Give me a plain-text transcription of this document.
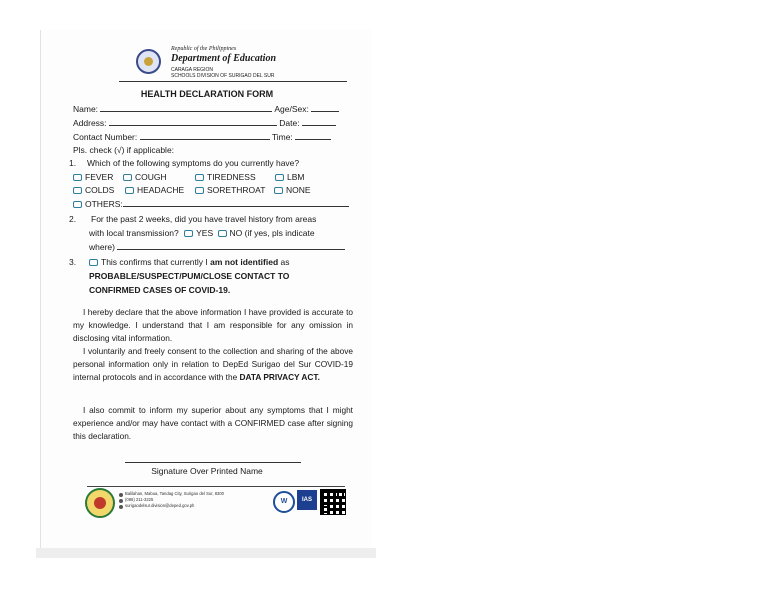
Republic of the Philippines
Department of Education
CARAGA REGION
SCHOOLS DIVISION OF SURIGAO DEL SUR
HEALTH DECLARATION FORM
Name:	Age/Sex:
Address:	Date:
Contact Number:	Time:
Pls. check (√) if applicable:
1. Which of the following symptoms do you currently have?
FEVER	COUGH	TIREDNESS	LBM
COLDS	HEADACHE	SORETHROAT	NONE
OTHERS:
2. For the past 2 weeks, did you have travel history from areas
with local transmission? YES NO (if yes, pls indicate
where)
3.	This confirms that currently I am not identified as
PROBABLE/SUSPECT/PUM/CLOSE CONTACT TO
CONFIRMED CASES OF COVID-19.
I hereby declare that the above information I have provided is accurate to my knowledge. I understand that I am responsible for any omission in disclosing vital information.
I voluntarily and freely consent to the collection and sharing of the above personal information only in relation to DepEd Surigao del Sur COVID-19 internal protocols and in accordance with the DATA PRIVACY ACT.
I also commit to inform my superior about any symptoms that I might experience and/or may have contact with a CONFIRMED case after signing this declaration.
Signature Over Printed Name
Balilahan, Mabua, Tandag City, Surigao del Sur, 8300
(086) 211-3225
surigaodelsur.division@deped.gov.ph
W	IAS
